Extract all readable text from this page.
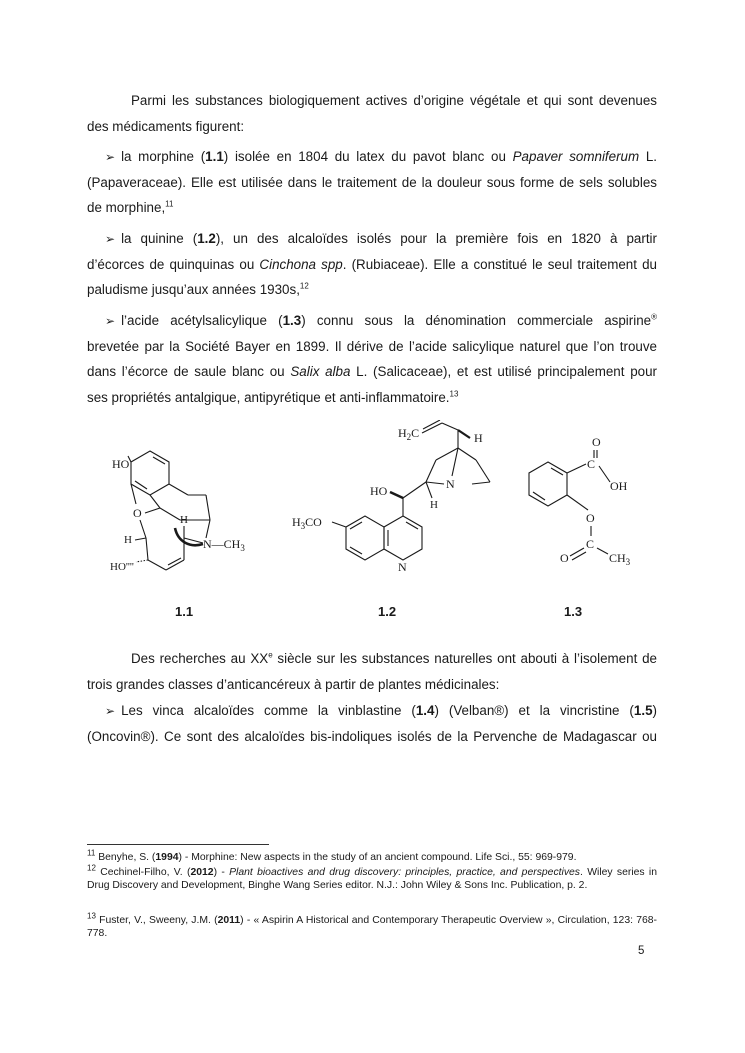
Parmi les substances biologiquement actives d’origine végétale et qui sont devenues
des médicaments figurent:
➢ la morphine (1.1) isolée en 1804 du latex du pavot blanc ou Papaver somniferum L.
(Papaveraceae). Elle est utilisée dans le traitement de la douleur sous forme de sels solubles
de morphine,$^{11}$
➢ la quinine (1.2), un des alcaloïdes isolés pour la première fois en 1820 à partir
d’écorces de quinquinas ou Cinchona spp. (Rubiaceae). Elle a constitué le seul traitement du
paludisme jusqu’aux années 1930s,$^{12}$
➢ l’acide acétylsalicylique (1.3) connu sous la dénomination commerciale aspirine®
brevetée par la Société Bayer en 1899. Il dérive de l’acide salicylique naturel que l’on trouve
dans l’écorce de saule blanc ou Salix alba L. (Salicaceae), et est utilisé principalement pour
ses propriétés antalgique, antipyrétique et anti-inflammatoire.$^{13}$
HO
O	H
H	$N—CH_3$
HO''''
$H_2C$	H
N
HO
H
N
$H_3CO$
C
O
OH
O
C
O	$CH_3$
1.1	1.2	1.3
Des recherches au XXe siècle sur les substances naturelles ont abouti à l’isolement de
trois grandes classes d’anticancéreux à partir de plantes médicinales:
➢ Les vinca alcaloïdes comme la vinblastine (1.4) (Velban®) et la vincristine (1.5)
(Oncovin®). Ce sont des alcaloïdes bis-indoliques isolés de la Pervenche de Madagascar ou
$^{11}$ Benyhe, S. (1994) - Morphine: New aspects in the study of an ancient compound. Life Sci., 55: 969-979.
$^{12}$ Cechinel-Filho, V. (2012) - Plant bioactives and drug discovery: principles, practice, and perspectives. Wiley series in Drug Discovery and Development, Binghe Wang Series editor. N.J.: John Wiley & Sons Inc. Publication, p. 2.
$^{13}$ Fuster, V., Sweeny, J.M. (2011) - « Aspirin A Historical and Contemporary Therapeutic Overview », Circulation, 123: 768-778.
5
